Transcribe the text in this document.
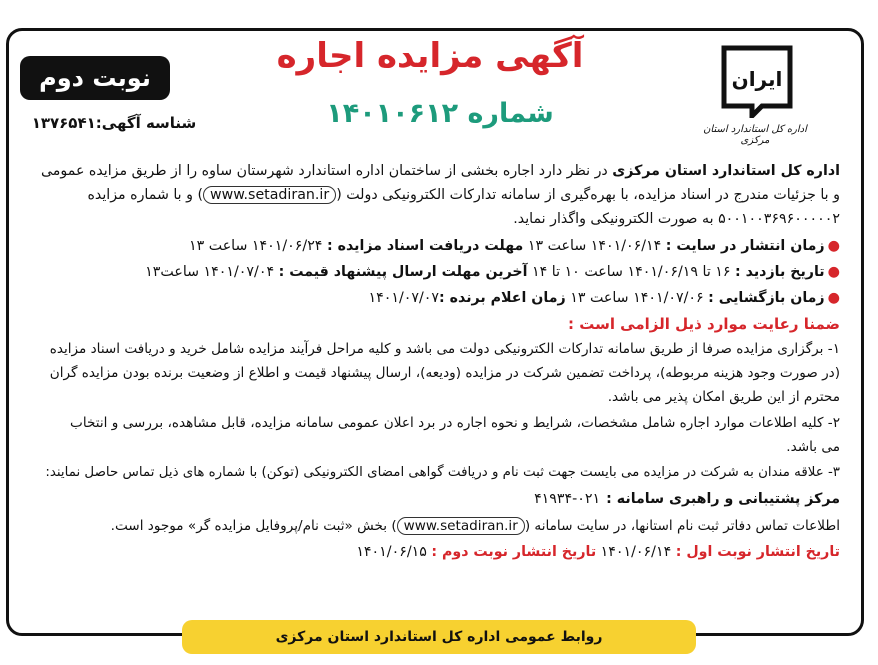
ایران
اداره کل استاندارد استان مرکزی
آگهی مزایده اجاره
شماره ۱۴۰۱۰۶۱۲
نوبت دوم
شناسه آگهی:۱۳۷۶۵۴۱
اداره کل استاندارد استان مرکزی در نظر دارد اجاره بخشی از ساختمان اداره استاندارد شهرستان ساوه را از طریق مزایده عمومی
و با جزئیات مندرج در اسناد مزایده، با بهره‌گیری از سامانه تدارکات الکترونیکی دولت (www.setadiran.ir) و با شماره مزایده
۵۰۰۱۰۰۳۶۹۶۰۰۰۰۰۲ به صورت الکترونیکی واگذار نماید.
●زمان انتشار در سایت : ۱۴۰۱/۰۶/۱۴ ساعت ۱۳ مهلت دریافت اسناد مزایده : ۱۴۰۱/۰۶/۲۴ ساعت ۱۳
●تاریخ بازدید : ۱۶ تا ۱۴۰۱/۰۶/۱۹ ساعت ۱۰ تا ۱۴ آخرین مهلت ارسال پیشنهاد قیمت : ۱۴۰۱/۰۷/۰۴ ساعت۱۳
●زمان بازگشایی : ۱۴۰۱/۰۷/۰۶ ساعت ۱۳ زمان اعلام برنده :۱۴۰۱/۰۷/۰۷
ضمنا رعایت موارد ذیل الزامی است :
۱- برگزاری مزایده صرفا از طریق سامانه تدارکات الکترونیکی دولت می باشد و کلیه مراحل فرآیند مزایده شامل خرید و دریافت اسناد مزایده
(در صورت وجود هزینه مربوطه)، پرداخت تضمین شرکت در مزایده (ودیعه)، ارسال پیشنهاد قیمت و اطلاع از وضعیت برنده بودن مزایده گران
محترم از این طریق امکان پذیر می باشد.
۲- کلیه اطلاعات موارد اجاره شامل مشخصات، شرایط و نحوه اجاره در برد اعلان عمومی سامانه مزایده، قابل مشاهده، بررسی و انتخاب
می باشد.
۳- علاقه مندان به شرکت در مزایده می بایست جهت ثبت نام و دریافت گواهی امضای الکترونیکی (توکن) با شماره های ذیل تماس حاصل نمایند:
مرکز پشتیبانی و راهبری سامانه :۴۱۹۳۴-۰۲۱
اطلاعات تماس دفاتر ثبت نام استانها، در سایت سامانه (www.setadiran.ir) بخش «ثبت نام/پروفایل مزایده گر» موجود است.
تاریخ انتشار نوبت اول : ۱۴۰۱/۰۶/۱۴ تاریخ انتشار نوبت دوم : ۱۴۰۱/۰۶/۱۵
روابط عمومی اداره کل استاندارد استان مرکزی
